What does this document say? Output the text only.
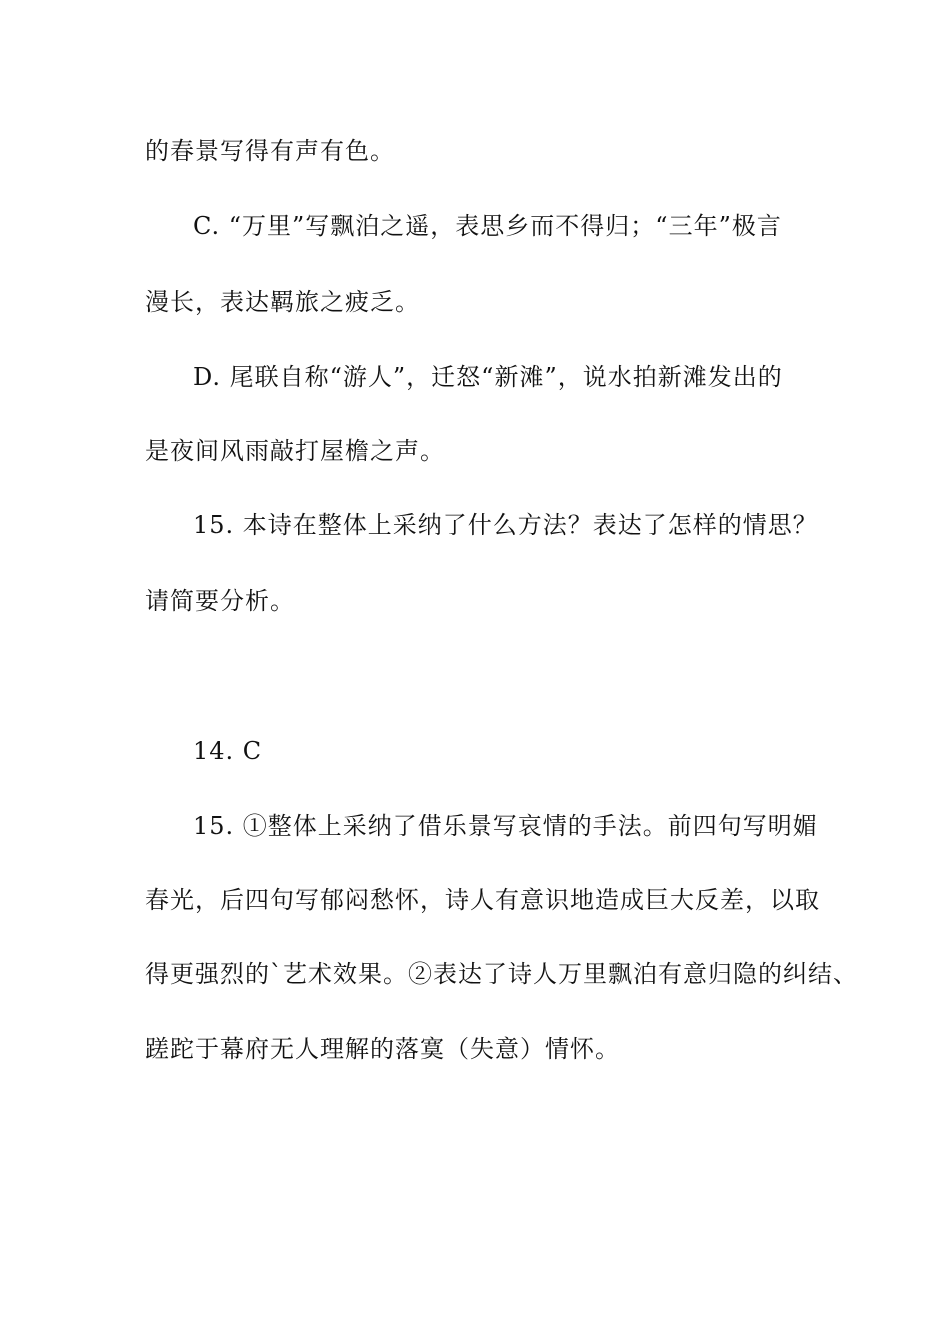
的春景写得有声有色。
C. “万里”写飘泊之遥，表思乡而不得归；“三年”极言
漫长，表达羁旅之疲乏。
D. 尾联自称“游人”，迁怒“新滩”，说水拍新滩发出的
是夜间风雨敲打屋檐之声。
15. 本诗在整体上采纳了什么方法？表达了怎样的情思？
请简要分析。
14. C
15. ①整体上采纳了借乐景写哀情的手法。前四句写明媚
春光，后四句写郁闷愁怀，诗人有意识地造成巨大反差，以取
得更强烈的`艺术效果。②表达了诗人万里飘泊有意归隐的纠结、
蹉跎于幕府无人理解的落寞（失意）情怀。
